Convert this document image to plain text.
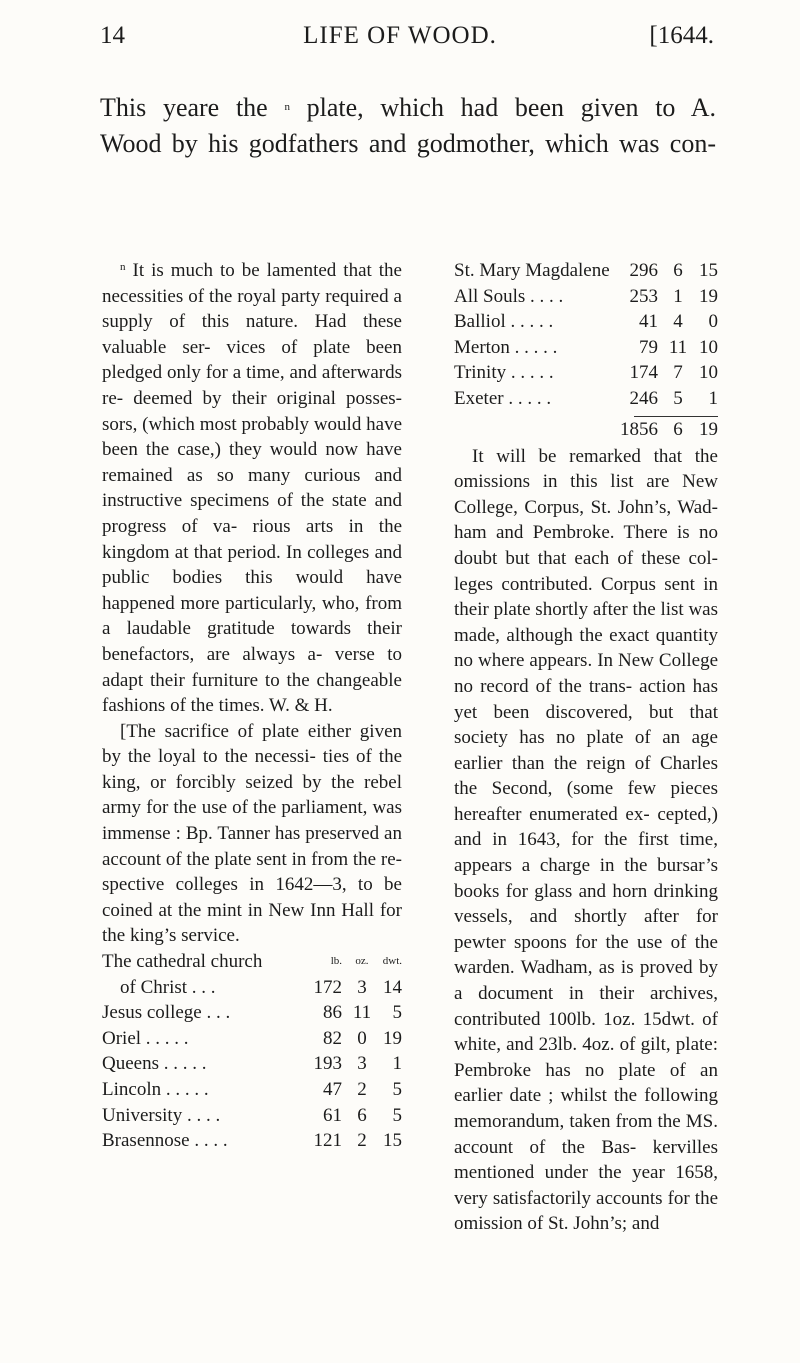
14	LIFE OF WOOD.	[1644.

This yeare the $^n$ plate, which had been given to A.

Wood by his godfathers and godmother, which was con-

$^n$ It is much to be lamented that the necessities of the royal party required a supply of this nature. Had these valuable ser- vices of plate been pledged only for a time, and afterwards re- deemed by their original posses- sors, (which most probably would have been the case,) they would now have remained as so many curious and instructive specimens of the state and progress of va- rious arts in the kingdom at that period. In colleges and public bodies this would have happened more particularly, who, from a laudable gratitude towards their benefactors, are always a- verse to adapt their furniture to the changeable fashions of the times. W. & H.

[The sacrifice of plate either given by the loyal to the necessi- ties of the king, or forcibly seized by the rebel army for the use of the parliament, was immense : Bp. Tanner has preserved an account of the plate sent in from the re- spective colleges in 1642—3, to be coined at the mint in New Inn Hall for the king’s service.

The cathedral church	lb.	oz.	dwt.
of Christ . . .	172	3	14
Jesus college . . .	86	11	5
Oriel . . . . .	82	0	19
Queens . . . . .	193	3	1
Lincoln . . . . .	47	2	5
University . . . .	61	6	5
Brasennose . . . .	121	2	15
St. Mary Magdalene	296	6	15
All Souls . . . .	253	1	19
Balliol . . . . .	41	4	0
Merton . . . . .	79	11	10
Trinity . . . . .	174	7	10
Exeter . . . . .	246	5	1
	1856	6	19

It will be remarked that the omissions in this list are New College, Corpus, St. John’s, Wad- ham and Pembroke. There is no doubt but that each of these col- leges contributed. Corpus sent in their plate shortly after the list was made, although the exact quantity no where appears. In New College no record of the trans- action has yet been discovered, but that society has no plate of an age earlier than the reign of Charles the Second, (some few pieces hereafter enumerated ex- cepted,) and in 1643, for the first time, appears a charge in the bursar’s books for glass and horn drinking vessels, and shortly after for pewter spoons for the use of the warden. Wadham, as is proved by a document in their archives, contributed 100lb. 1oz. 15dwt. of white, and 23lb. 4oz. of gilt, plate: Pembroke has no plate of an earlier date ; whilst the following memorandum, taken from the MS. account of the Bas- kervilles mentioned under the year 1658, very satisfactorily accounts for the omission of St. John’s; and
